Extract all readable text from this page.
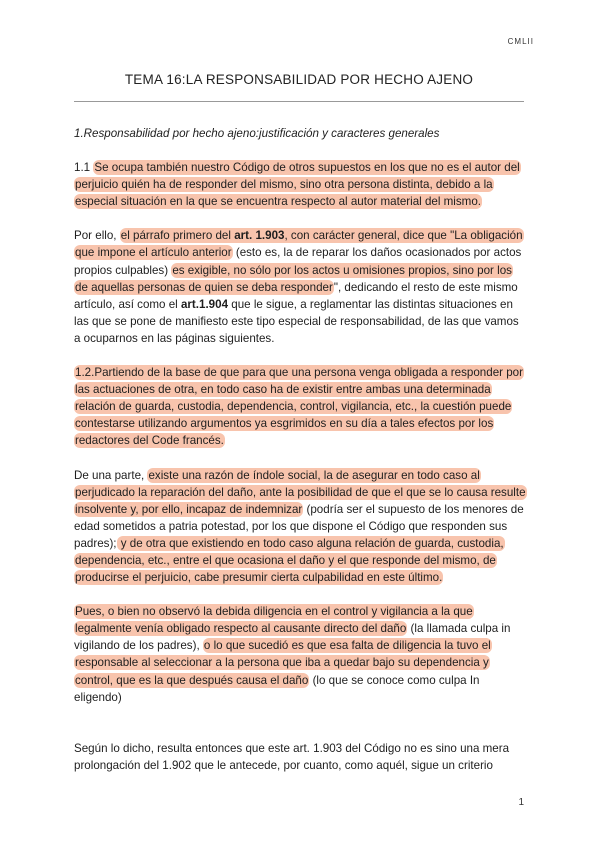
CMLII
TEMA 16:LA RESPONSABILIDAD POR HECHO AJENO

1.Responsabilidad por hecho ajeno:justificación y caracteres generales

1.1 Se ocupa también nuestro Código de otros supuestos en los que no es el autor del perjuicio quién ha de responder del mismo, sino otra persona distinta, debido a la especial situación en la que se encuentra respecto al autor material del mismo.

Por ello, el párrafo primero del art. 1.903, con carácter general, dice que "La obligación que impone el artículo anterior (esto es, la de reparar los daños ocasionados por actos propios culpables) es exigible, no sólo por los actos u omisiones propios, sino por los de aquellas personas de quien se deba responder", dedicando el resto de este mismo artículo, así como el art.1.904 que le sigue, a reglamentar las distintas situaciones en las que se pone de manifiesto este tipo especial de responsabilidad, de las que vamos a ocuparnos en las páginas siguientes.

1.2.Partiendo de la base de que para que una persona venga obligada a responder por las actuaciones de otra, en todo caso ha de existir entre ambas una determinada relación de guarda, custodia, dependencia, control, vigilancia, etc., la cuestión puede contestarse utilizando argumentos ya esgrimidos en su día a tales efectos por los redactores del Code francés.

De una parte, existe una razón de índole social, la de asegurar en todo caso al perjudicado la reparación del daño, ante la posibilidad de que el que se lo causa resulte insolvente y, por ello, incapaz de indemnizar (podría ser el supuesto de los menores de edad sometidos a patria potestad, por los que dispone el Código que responden sus padres); y de otra que existiendo en todo caso alguna relación de guarda, custodia, dependencia, etc., entre el que ocasiona el daño y el que responde del mismo, de producirse el perjuicio, cabe presumir cierta culpabilidad en este último.

Pues, o bien no observó la debida diligencia en el control y vigilancia a la que legalmente venía obligado respecto al causante directo del daño (la llamada culpa in vigilando de los padres), o lo que sucedió es que esa falta de diligencia la tuvo el responsable al seleccionar a la persona que iba a quedar bajo su dependencia y control, que es la que después causa el daño (lo que se conoce como culpa In eligendo)

Según lo dicho, resulta entonces que este art. 1.903 del Código no es sino una mera prolongación del 1.902 que le antecede, por cuanto, como aquél, sigue un criterio

1
